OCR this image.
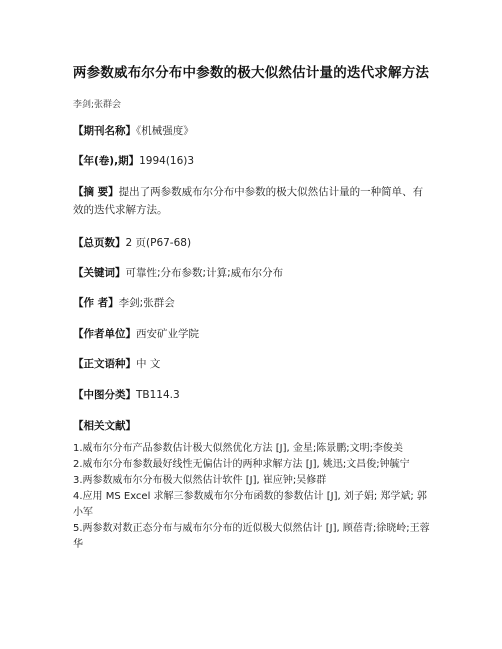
两参数威布尔分布中参数的极大似然估计量的迭代求解方法
李剑;张群会
【期刊名称】《机械强度》
【年(卷),期】1994(16)3
【摘 要】提出了两参数威布尔分布中参数的极大似然估计量的一种简单、有效的迭代求解方法。
【总页数】2 页(P67-68)
【关键词】可靠性;分布参数;计算;威布尔分布
【作 者】李剑;张群会
【作者单位】西安矿业学院
【正文语种】中 文
【中图分类】TB114.3
【相关文献】
1.威布尔分布产品参数估计极大似然优化方法 [J], 金星;陈景鹏;文明;李俊美
2.威布尔分布参数最好线性无偏估计的两种求解方法 [J], 姚迅;文昌俊;钟毓宁
3.两参数威布尔分布极大似然估计软件 [J], 崔应钟;吴修群
4.应用 MS Excel 求解三参数威布尔分布函数的参数估计 [J], 刘子娟; 郑学斌; 郭小军
5.两参数对数正态分布与威布尔分布的近似极大似然估计 [J], 顾蓓青;徐晓岭;王蓉华
